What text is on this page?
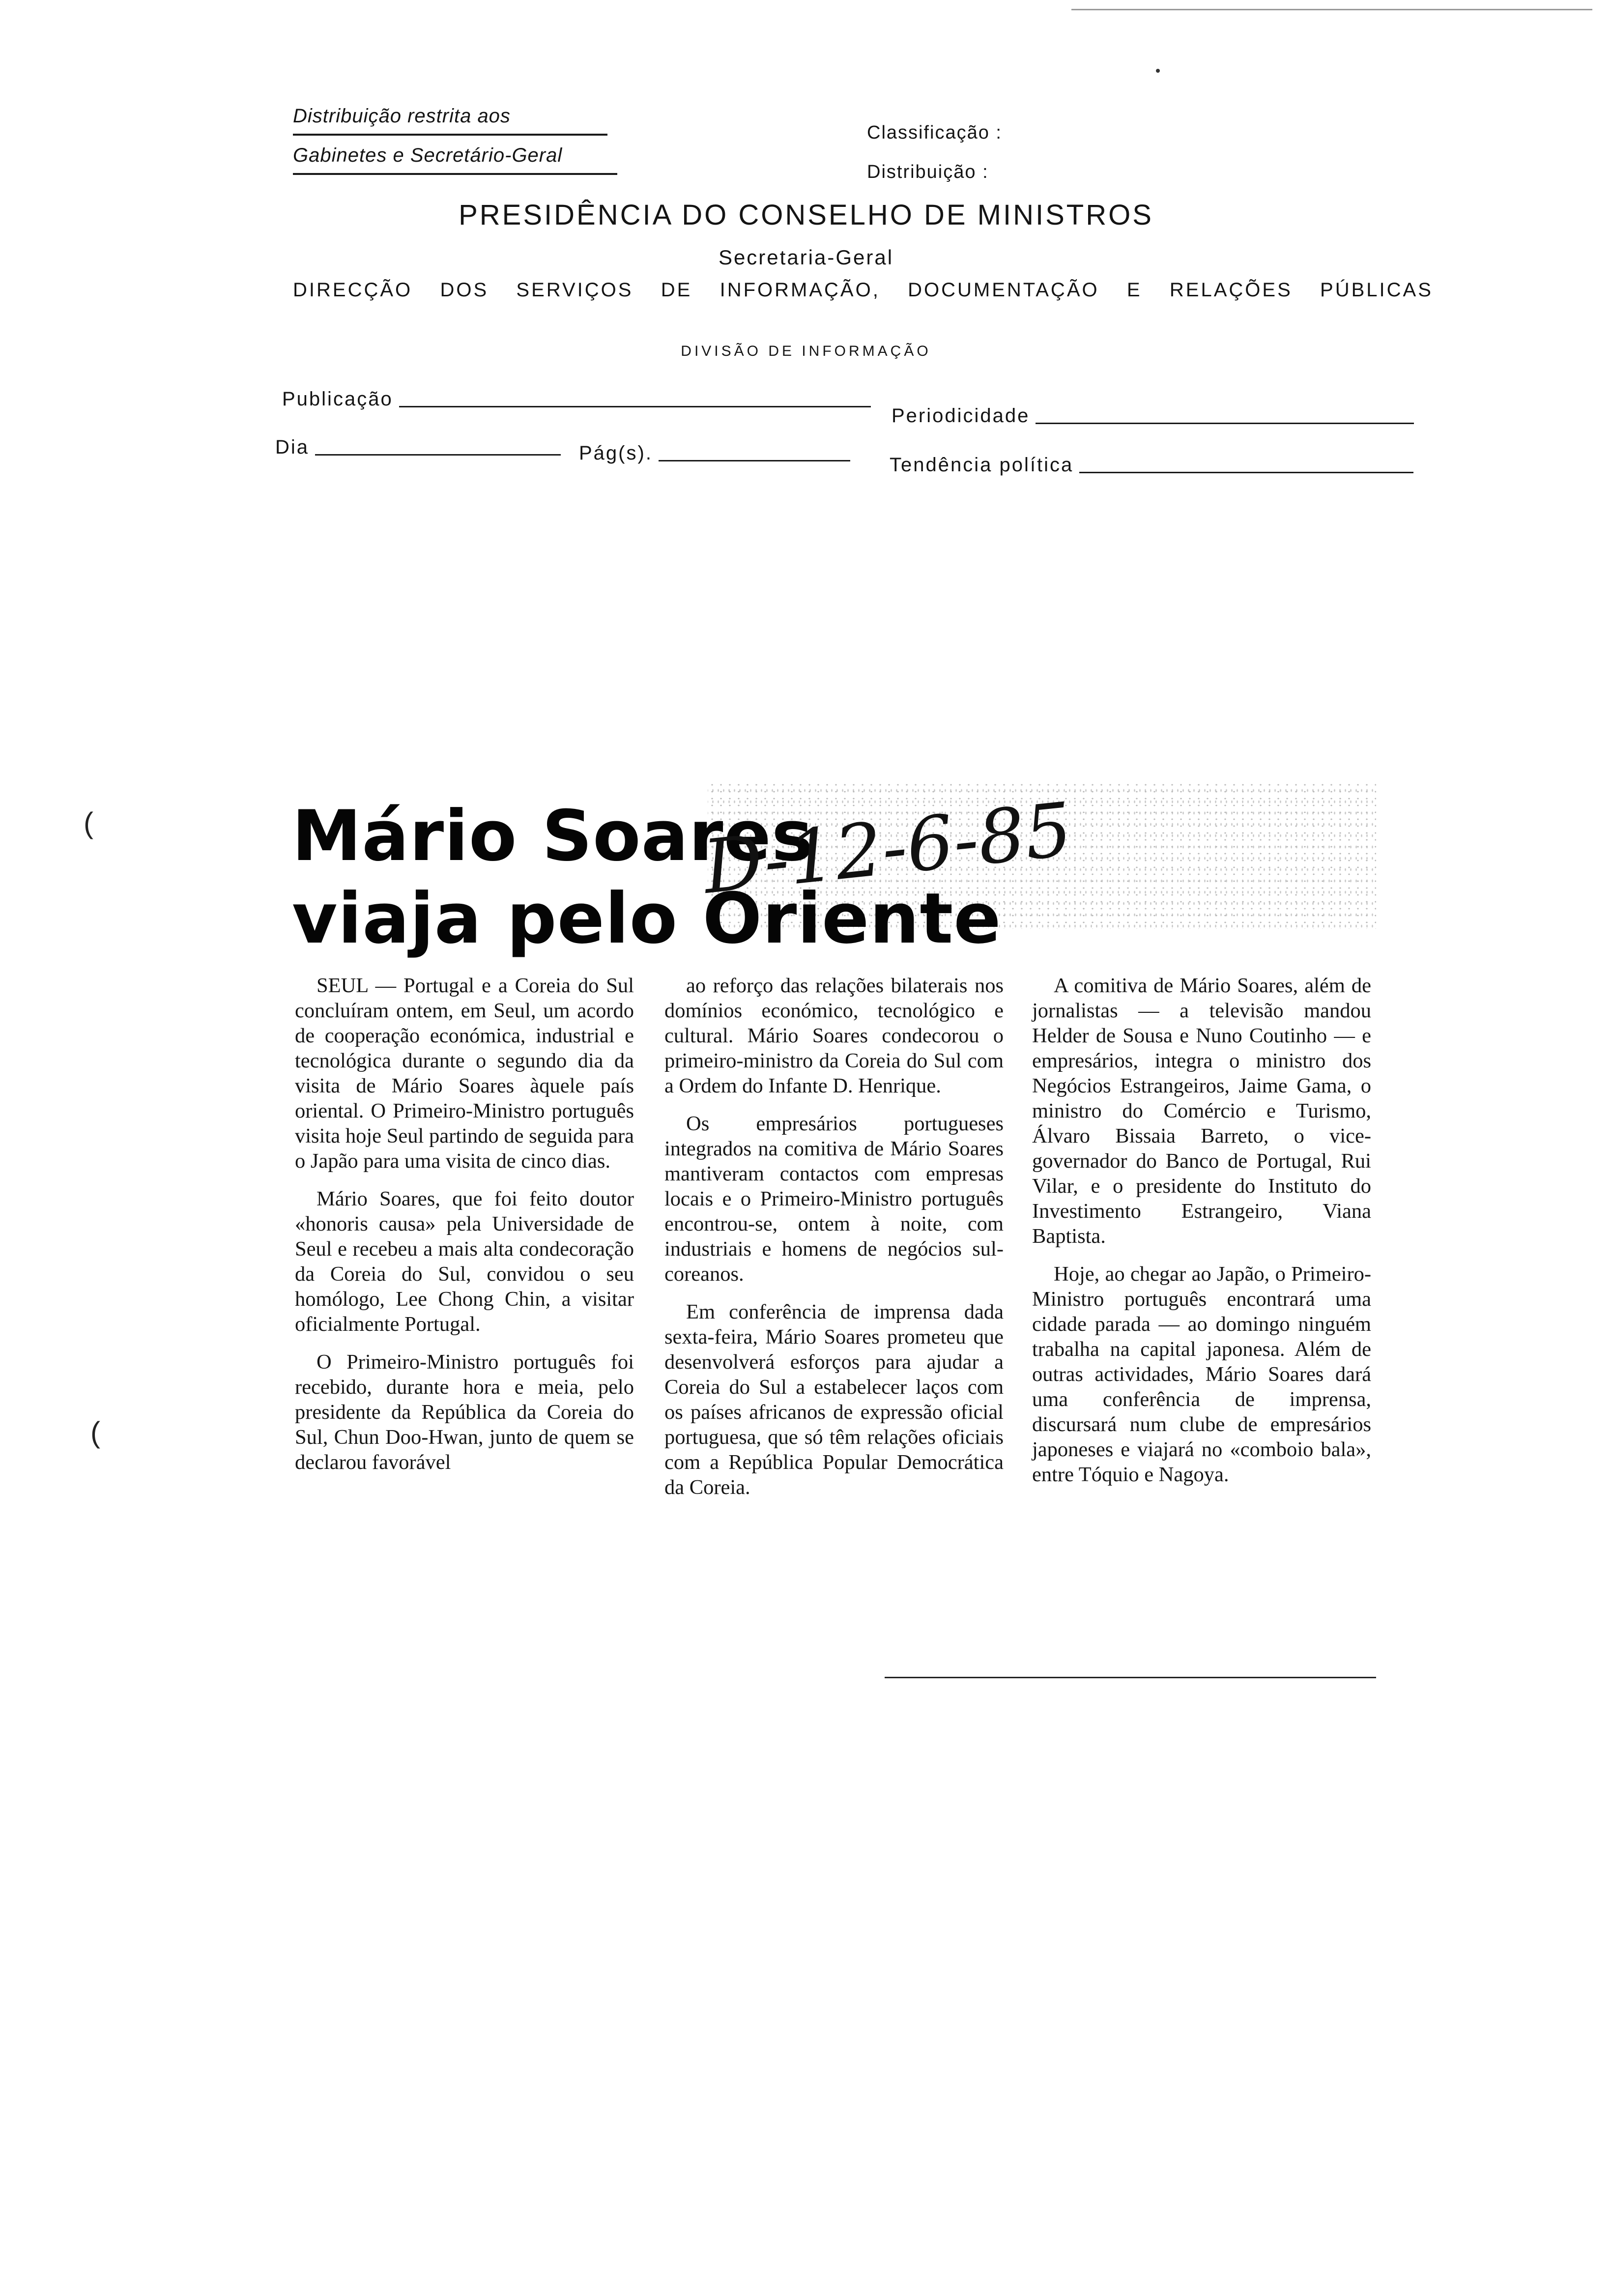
Distribuição restrita aos
Gabinetes e Secretário-Geral
Classificação :
Distribuição :
PRESIDÊNCIA DO CONSELHO DE MINISTROS
Secretaria-Geral
DIRECÇÃO DOS SERVIÇOS DE INFORMAÇÃO, DOCUMENTAÇÃO E RELAÇÕES PÚBLICAS
DIVISÃO DE INFORMAÇÃO
Publicação
Periodicidade
Dia	Pág(s).
Tendência política
Mário Soares
viaja pelo Oriente
D-12-6-85
(
(

SEUL — Portugal e a Coreia do Sul concluíram ontem, em Seul, um acordo de cooperação económica, industrial e tecnológica durante o segundo dia da visita de Mário Soares àquele país oriental. O Primeiro-Ministro português visita hoje Seul partindo de seguida para o Japão para uma visita de cinco dias.

Mário Soares, que foi feito doutor «honoris causa» pela Universidade de Seul e recebeu a mais alta condecoração da Coreia do Sul, convidou o seu homólogo, Lee Chong Chin, a visitar oficialmente Portugal.

O Primeiro-Ministro português foi recebido, durante hora e meia, pelo presidente da República da Coreia do Sul, Chun Doo-Hwan, junto de quem se declarou favorável

ao reforço das relações bilaterais nos domínios económico, tecnológico e cultural. Mário Soares condecorou o primeiro-ministro da Coreia do Sul com a Ordem do Infante D. Henrique.

Os empresários portugueses integrados na comitiva de Mário Soares mantiveram contactos com empresas locais e o Primeiro-Ministro português encontrou-se, ontem à noite, com industriais e homens de negócios sul-coreanos.

Em conferência de imprensa dada sexta-feira, Mário Soares prometeu que desenvolverá esforços para ajudar a Coreia do Sul a estabelecer laços com os países africanos de expressão oficial portuguesa, que só têm relações oficiais com a República Popular Democrática da Coreia.

A comitiva de Mário Soares, além de jornalistas — a televisão mandou Helder de Sousa e Nuno Coutinho — e empresários, integra o ministro dos Negócios Estrangeiros, Jaime Gama, o ministro do Comércio e Turismo, Álvaro Bissaia Barreto, o vice-governador do Banco de Portugal, Rui Vilar, e o presidente do Instituto do Investimento Estrangeiro, Viana Baptista.

Hoje, ao chegar ao Japão, o Primeiro-Ministro português encontrará uma cidade parada — ao domingo ninguém trabalha na capital japonesa. Além de outras actividades, Mário Soares dará uma conferência de imprensa, discursará num clube de empresários japoneses e viajará no «comboio bala», entre Tóquio e Nagoya.
